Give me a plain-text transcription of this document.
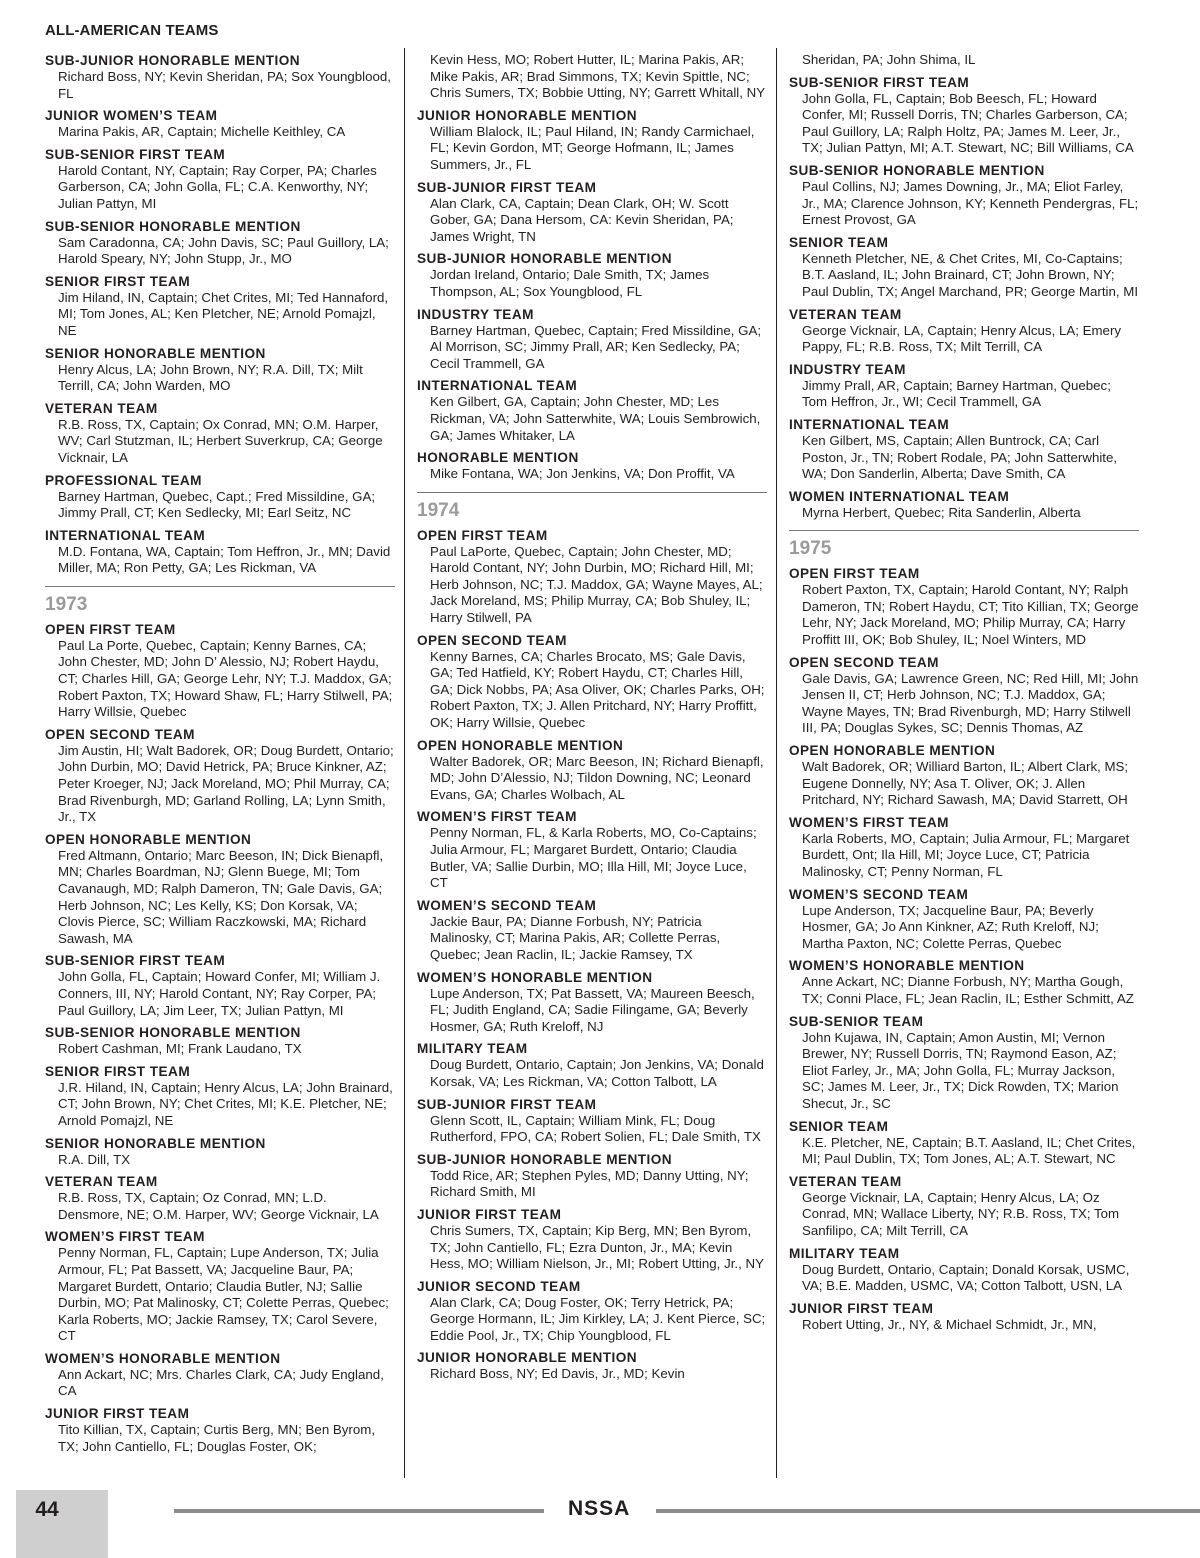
ALL-AMERICAN TEAMS
SUB-JUNIOR HONORABLE MENTION
Richard Boss, NY; Kevin Sheridan, PA; Sox Youngblood, FL
JUNIOR WOMEN’S TEAM
Marina Pakis, AR, Captain; Michelle Keithley, CA
SUB-SENIOR FIRST TEAM
Harold Contant, NY, Captain; Ray Corper, PA; Charles Garberson, CA; John Golla, FL; C.A. Kenworthy, NY; Julian Pattyn, MI
SUB-SENIOR HONORABLE MENTION
Sam Caradonna, CA; John Davis, SC; Paul Guillory, LA; Harold Speary, NY; John Stupp, Jr., MO
SENIOR FIRST TEAM
Jim Hiland, IN, Captain; Chet Crites, MI; Ted Hannaford, MI; Tom Jones, AL; Ken Pletcher, NE; Arnold Pomajzl, NE
SENIOR HONORABLE MENTION
Henry Alcus, LA; John Brown, NY; R.A. Dill, TX; Milt Terrill, CA; John Warden, MO
VETERAN TEAM
R.B. Ross, TX, Captain; Ox Conrad, MN; O.M. Harper, WV; Carl Stutzman, IL; Herbert Suverkrup, CA; George Vicknair, LA
PROFESSIONAL TEAM
Barney Hartman, Quebec, Capt.; Fred Missildine, GA; Jimmy Prall, CT; Ken Sedlecky, MI; Earl Seitz, NC
INTERNATIONAL TEAM
M.D. Fontana, WA, Captain; Tom Heffron, Jr., MN; David Miller, MA; Ron Petty, GA; Les Rickman, VA
1973
OPEN FIRST TEAM
Paul La Porte, Quebec, Captain; Kenny Barnes, CA; John Chester, MD; John D’ Alessio, NJ; Robert Haydu, CT; Charles Hill, GA; George Lehr, NY; T.J. Maddox, GA; Robert Paxton, TX; Howard Shaw, FL; Harry Stilwell, PA; Harry Willsie, Quebec
OPEN SECOND TEAM
Jim Austin, HI; Walt Badorek, OR; Doug Burdett, Ontario; John Durbin, MO; David Hetrick, PA; Bruce Kinkner, AZ; Peter Kroeger, NJ; Jack Moreland, MO; Phil Murray, CA; Brad Rivenburgh, MD; Garland Rolling, LA; Lynn Smith, Jr., TX
OPEN HONORABLE MENTION
Fred Altmann, Ontario; Marc Beeson, IN; Dick Bienapfl, MN; Charles Boardman, NJ; Glenn Buege, MI; Tom Cavanaugh, MD; Ralph Dameron, TN; Gale Davis, GA; Herb Johnson, NC; Les Kelly, KS; Don Korsak, VA; Clovis Pierce, SC; William Raczkowski, MA; Richard Sawash, MA
SUB-SENIOR FIRST TEAM
John Golla, FL, Captain; Howard Confer, MI; William J. Conners, III, NY; Harold Contant, NY; Ray Corper, PA; Paul Guillory, LA; Jim Leer, TX; Julian Pattyn, MI
SUB-SENIOR HONORABLE MENTION
Robert Cashman, MI; Frank Laudano, TX
SENIOR FIRST TEAM
J.R. Hiland, IN, Captain; Henry Alcus, LA; John Brainard, CT; John Brown, NY; Chet Crites, MI; K.E. Pletcher, NE; Arnold Pomajzl, NE
SENIOR HONORABLE MENTION
R.A. Dill, TX
VETERAN TEAM
R.B. Ross, TX, Captain; Oz Conrad, MN; L.D. Densmore, NE; O.M. Harper, WV; George Vicknair, LA
WOMEN’S FIRST TEAM
Penny Norman, FL, Captain; Lupe Anderson, TX; Julia Armour, FL; Pat Bassett, VA; Jacqueline Baur, PA; Margaret Burdett, Ontario; Claudia Butler, NJ; Sallie Durbin, MO; Pat Malinosky, CT; Colette Perras, Quebec; Karla Roberts, MO; Jackie Ramsey, TX; Carol Severe, CT
WOMEN’S HONORABLE MENTION
Ann Ackart, NC; Mrs. Charles Clark, CA; Judy England, CA
JUNIOR FIRST TEAM
Tito Killian, TX, Captain; Curtis Berg, MN; Ben Byrom, TX; John Cantiello, FL; Douglas Foster, OK;
Kevin Hess, MO; Robert Hutter, IL; Marina Pakis, AR; Mike Pakis, AR; Brad Simmons, TX; Kevin Spittle, NC; Chris Sumers, TX; Bobbie Utting, NY; Garrett Whitall, NY
JUNIOR HONORABLE MENTION
William Blalock, IL; Paul Hiland, IN; Randy Carmichael, FL; Kevin Gordon, MT; George Hofmann, IL; James Summers, Jr., FL
SUB-JUNIOR FIRST TEAM
Alan Clark, CA, Captain; Dean Clark, OH; W. Scott Gober, GA; Dana Hersom, CA: Kevin Sheridan, PA; James Wright, TN
SUB-JUNIOR HONORABLE MENTION
Jordan Ireland, Ontario; Dale Smith, TX; James Thompson, AL; Sox Youngblood, FL
INDUSTRY TEAM
Barney Hartman, Quebec, Captain; Fred Missildine, GA; Al Morrison, SC; Jimmy Prall, AR; Ken Sedlecky, PA; Cecil Trammell, GA
INTERNATIONAL TEAM
Ken Gilbert, GA, Captain; John Chester, MD; Les Rickman, VA; John Satterwhite, WA; Louis Sembrowich, GA; James Whitaker, LA
HONORABLE MENTION
Mike Fontana, WA; Jon Jenkins, VA; Don Proffit, VA
1974
OPEN FIRST TEAM
Paul LaPorte, Quebec, Captain; John Chester, MD; Harold Contant, NY; John Durbin, MO; Richard Hill, MI; Herb Johnson, NC; T.J. Maddox, GA; Wayne Mayes, AL; Jack Moreland, MS; Philip Murray, CA; Bob Shuley, IL; Harry Stilwell, PA
OPEN SECOND TEAM
Kenny Barnes, CA; Charles Brocato, MS; Gale Davis, GA; Ted Hatfield, KY; Robert Haydu, CT; Charles Hill, GA; Dick Nobbs, PA; Asa Oliver, OK; Charles Parks, OH; Robert Paxton, TX; J. Allen Pritchard, NY; Harry Proffitt, OK; Harry Willsie, Quebec
OPEN HONORABLE MENTION
Walter Badorek, OR; Marc Beeson, IN; Richard Bienapfl, MD; John D’Alessio, NJ; Tildon Downing, NC; Leonard Evans, GA; Charles Wolbach, AL
WOMEN’S FIRST TEAM
Penny Norman, FL, & Karla Roberts, MO, Co-Captains; Julia Armour, FL; Margaret Burdett, Ontario; Claudia Butler, VA; Sallie Durbin, MO; Illa Hill, MI; Joyce Luce, CT
WOMEN’S SECOND TEAM
Jackie Baur, PA; Dianne Forbush, NY; Patricia Malinosky, CT; Marina Pakis, AR; Collette Perras, Quebec; Jean Raclin, IL; Jackie Ramsey, TX
WOMEN’S HONORABLE MENTION
Lupe Anderson, TX; Pat Bassett, VA; Maureen Beesch, FL; Judith England, CA; Sadie Filingame, GA; Beverly Hosmer, GA; Ruth Kreloff, NJ
MILITARY TEAM
Doug Burdett, Ontario, Captain; Jon Jenkins, VA; Donald Korsak, VA; Les Rickman, VA; Cotton Talbott, LA
SUB-JUNIOR FIRST TEAM
Glenn Scott, IL, Captain; William Mink, FL; Doug Rutherford, FPO, CA; Robert Solien, FL; Dale Smith, TX
SUB-JUNIOR HONORABLE MENTION
Todd Rice, AR; Stephen Pyles, MD; Danny Utting, NY; Richard Smith, MI
JUNIOR FIRST TEAM
Chris Sumers, TX, Captain; Kip Berg, MN; Ben Byrom, TX; John Cantiello, FL; Ezra Dunton, Jr., MA; Kevin Hess, MO; William Nielson, Jr., MI; Robert Utting, Jr., NY
JUNIOR SECOND TEAM
Alan Clark, CA; Doug Foster, OK; Terry Hetrick, PA; George Hormann, IL; Jim Kirkley, LA; J. Kent Pierce, SC; Eddie Pool, Jr., TX; Chip Youngblood, FL
JUNIOR HONORABLE MENTION
Richard Boss, NY; Ed Davis, Jr., MD; Kevin
Sheridan, PA; John Shima, IL
SUB-SENIOR FIRST TEAM
John Golla, FL, Captain; Bob Beesch, FL; Howard Confer, MI; Russell Dorris, TN; Charles Garberson, CA; Paul Guillory, LA; Ralph Holtz, PA; James M. Leer, Jr., TX; Julian Pattyn, MI; A.T. Stewart, NC; Bill Williams, CA
SUB-SENIOR HONORABLE MENTION
Paul Collins, NJ; James Downing, Jr., MA; Eliot Farley, Jr., MA; Clarence Johnson, KY; Kenneth Pendergras, FL; Ernest Provost, GA
SENIOR TEAM
Kenneth Pletcher, NE, & Chet Crites, MI, Co-Captains; B.T. Aasland, IL; John Brainard, CT; John Brown, NY; Paul Dublin, TX; Angel Marchand, PR; George Martin, MI
VETERAN TEAM
George Vicknair, LA, Captain; Henry Alcus, LA; Emery Pappy, FL; R.B. Ross, TX; Milt Terrill, CA
INDUSTRY TEAM
Jimmy Prall, AR, Captain; Barney Hartman, Quebec; Tom Heffron, Jr., WI; Cecil Trammell, GA
INTERNATIONAL TEAM
Ken Gilbert, MS, Captain; Allen Buntrock, CA; Carl Poston, Jr., TN; Robert Rodale, PA; John Satterwhite, WA; Don Sanderlin, Alberta; Dave Smith, CA
WOMEN INTERNATIONAL TEAM
Myrna Herbert, Quebec; Rita Sanderlin, Alberta
1975
OPEN FIRST TEAM
Robert Paxton, TX, Captain; Harold Contant, NY; Ralph Dameron, TN; Robert Haydu, CT; Tito Killian, TX; George Lehr, NY; Jack Moreland, MO; Philip Murray, CA; Harry Proffitt III, OK; Bob Shuley, IL; Noel Winters, MD
OPEN SECOND TEAM
Gale Davis, GA; Lawrence Green, NC; Red Hill, MI; John Jensen II, CT; Herb Johnson, NC; T.J. Maddox, GA; Wayne Mayes, TN; Brad Rivenburgh, MD; Harry Stilwell III, PA; Douglas Sykes, SC; Dennis Thomas, AZ
OPEN HONORABLE MENTION
Walt Badorek, OR; Williard Barton, IL; Albert Clark, MS; Eugene Donnelly, NY; Asa T. Oliver, OK; J. Allen Pritchard, NY; Richard Sawash, MA; David Starrett, OH
WOMEN’S FIRST TEAM
Karla Roberts, MO, Captain; Julia Armour, FL; Margaret Burdett, Ont; Ila Hill, MI; Joyce Luce, CT; Patricia Malinosky, CT; Penny Norman, FL
WOMEN’S SECOND TEAM
Lupe Anderson, TX; Jacqueline Baur, PA; Beverly Hosmer, GA; Jo Ann Kinkner, AZ; Ruth Kreloff, NJ; Martha Paxton, NC; Colette Perras, Quebec
WOMEN’S HONORABLE MENTION
Anne Ackart, NC; Dianne Forbush, NY; Martha Gough, TX; Conni Place, FL; Jean Raclin, IL; Esther Schmitt, AZ
SUB-SENIOR TEAM
John Kujawa, IN, Captain; Amon Austin, MI; Vernon Brewer, NY; Russell Dorris, TN; Raymond Eason, AZ; Eliot Farley, Jr., MA; John Golla, FL; Murray Jackson, SC; James M. Leer, Jr., TX; Dick Rowden, TX; Marion Shecut, Jr., SC
SENIOR TEAM
K.E. Pletcher, NE, Captain; B.T. Aasland, IL; Chet Crites, MI; Paul Dublin, TX; Tom Jones, AL; A.T. Stewart, NC
VETERAN TEAM
George Vicknair, LA, Captain; Henry Alcus, LA; Oz Conrad, MN; Wallace Liberty, NY; R.B. Ross, TX; Tom Sanfilipo, CA; Milt Terrill, CA
MILITARY TEAM
Doug Burdett, Ontario, Captain; Donald Korsak, USMC, VA; B.E. Madden, USMC, VA; Cotton Talbott, USN, LA
JUNIOR FIRST TEAM
Robert Utting, Jr., NY, & Michael Schmidt, Jr., MN,
44	NSSA
